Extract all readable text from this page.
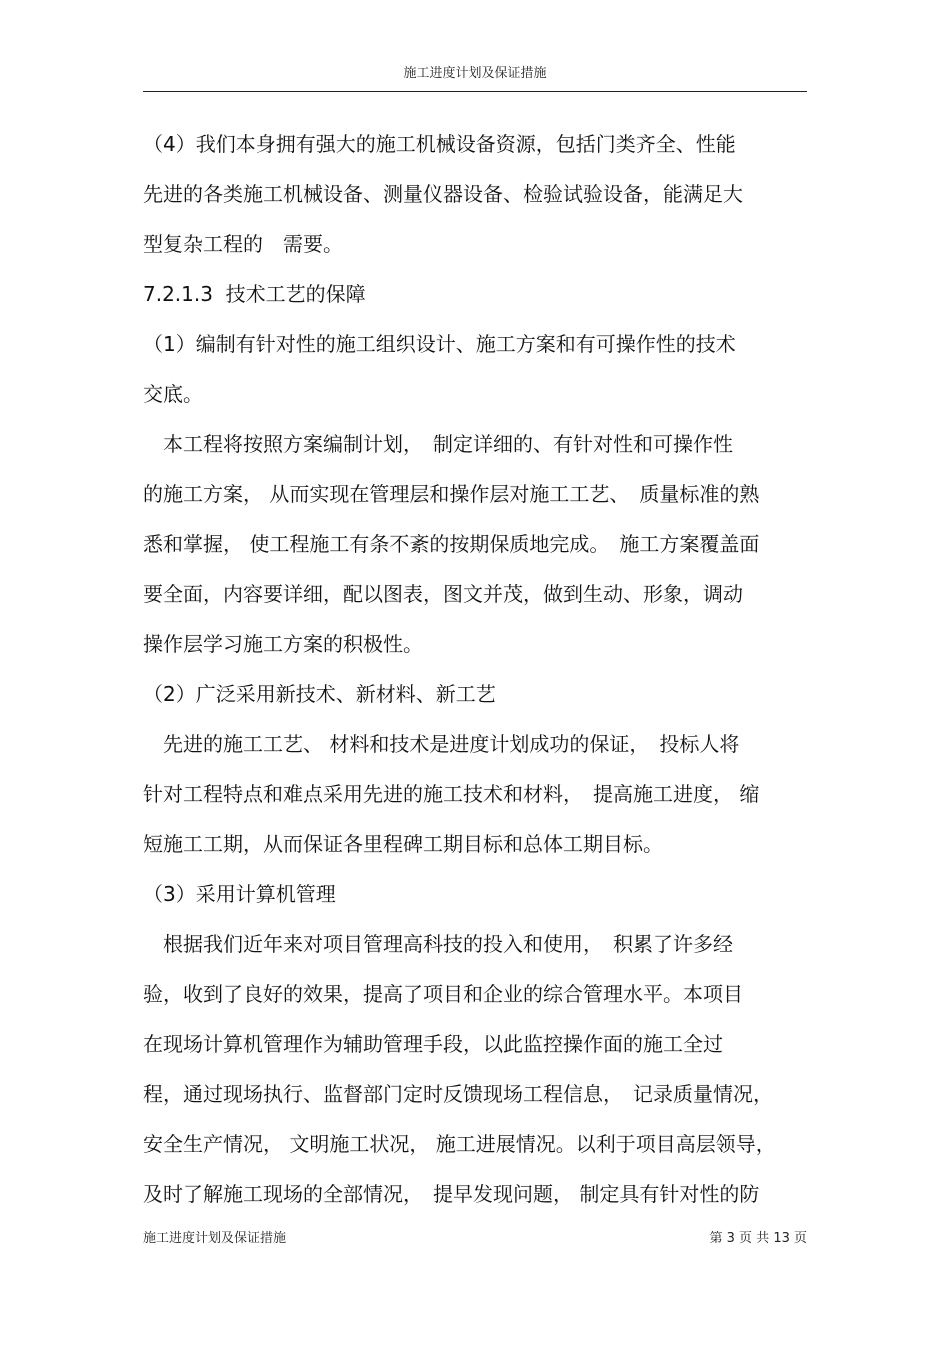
施工进度计划及保证措施
（4）我们本身拥有强大的施工机械设备资源，包括门类齐全、性能
先进的各类施工机械设备、测量仪器设备、检验试验设备，能满足大
型复杂工程的　需要。
7.2.1.3  技术工艺的保障
（1）编制有针对性的施工组织设计、施工方案和有可操作性的技术
交底。
　本工程将按照方案编制计划，　制定详细的、有针对性和可操作性
的施工方案， 从而实现在管理层和操作层对施工工艺、　质量标准的熟
悉和掌握， 使工程施工有条不紊的按期保质地完成。　施工方案覆盖面
要全面，内容要详细，配以图表，图文并茂，做到生动、形象，调动
操作层学习施工方案的积极性。
（2）广泛采用新技术、新材料、新工艺
　先进的施工工艺、 材料和技术是进度计划成功的保证，　投标人将
针对工程特点和难点采用先进的施工技术和材料，　提高施工进度， 缩
短施工工期，从而保证各里程碑工期目标和总体工期目标。
（3）采用计算机管理
　根据我们近年来对项目管理高科技的投入和使用，　积累了许多经
验，收到了良好的效果，提高了项目和企业的综合管理水平。本项目
在现场计算机管理作为辅助管理手段，以此监控操作面的施工全过
程，通过现场执行、监督部门定时反馈现场工程信息，　记录质量情况，
安全生产情况， 文明施工状况， 施工进展情况。以利于项目高层领导，
及时了解施工现场的全部情况，　提早发现问题， 制定具有针对性的防
施工进度计划及保证措施	第 3 页 共 13 页
